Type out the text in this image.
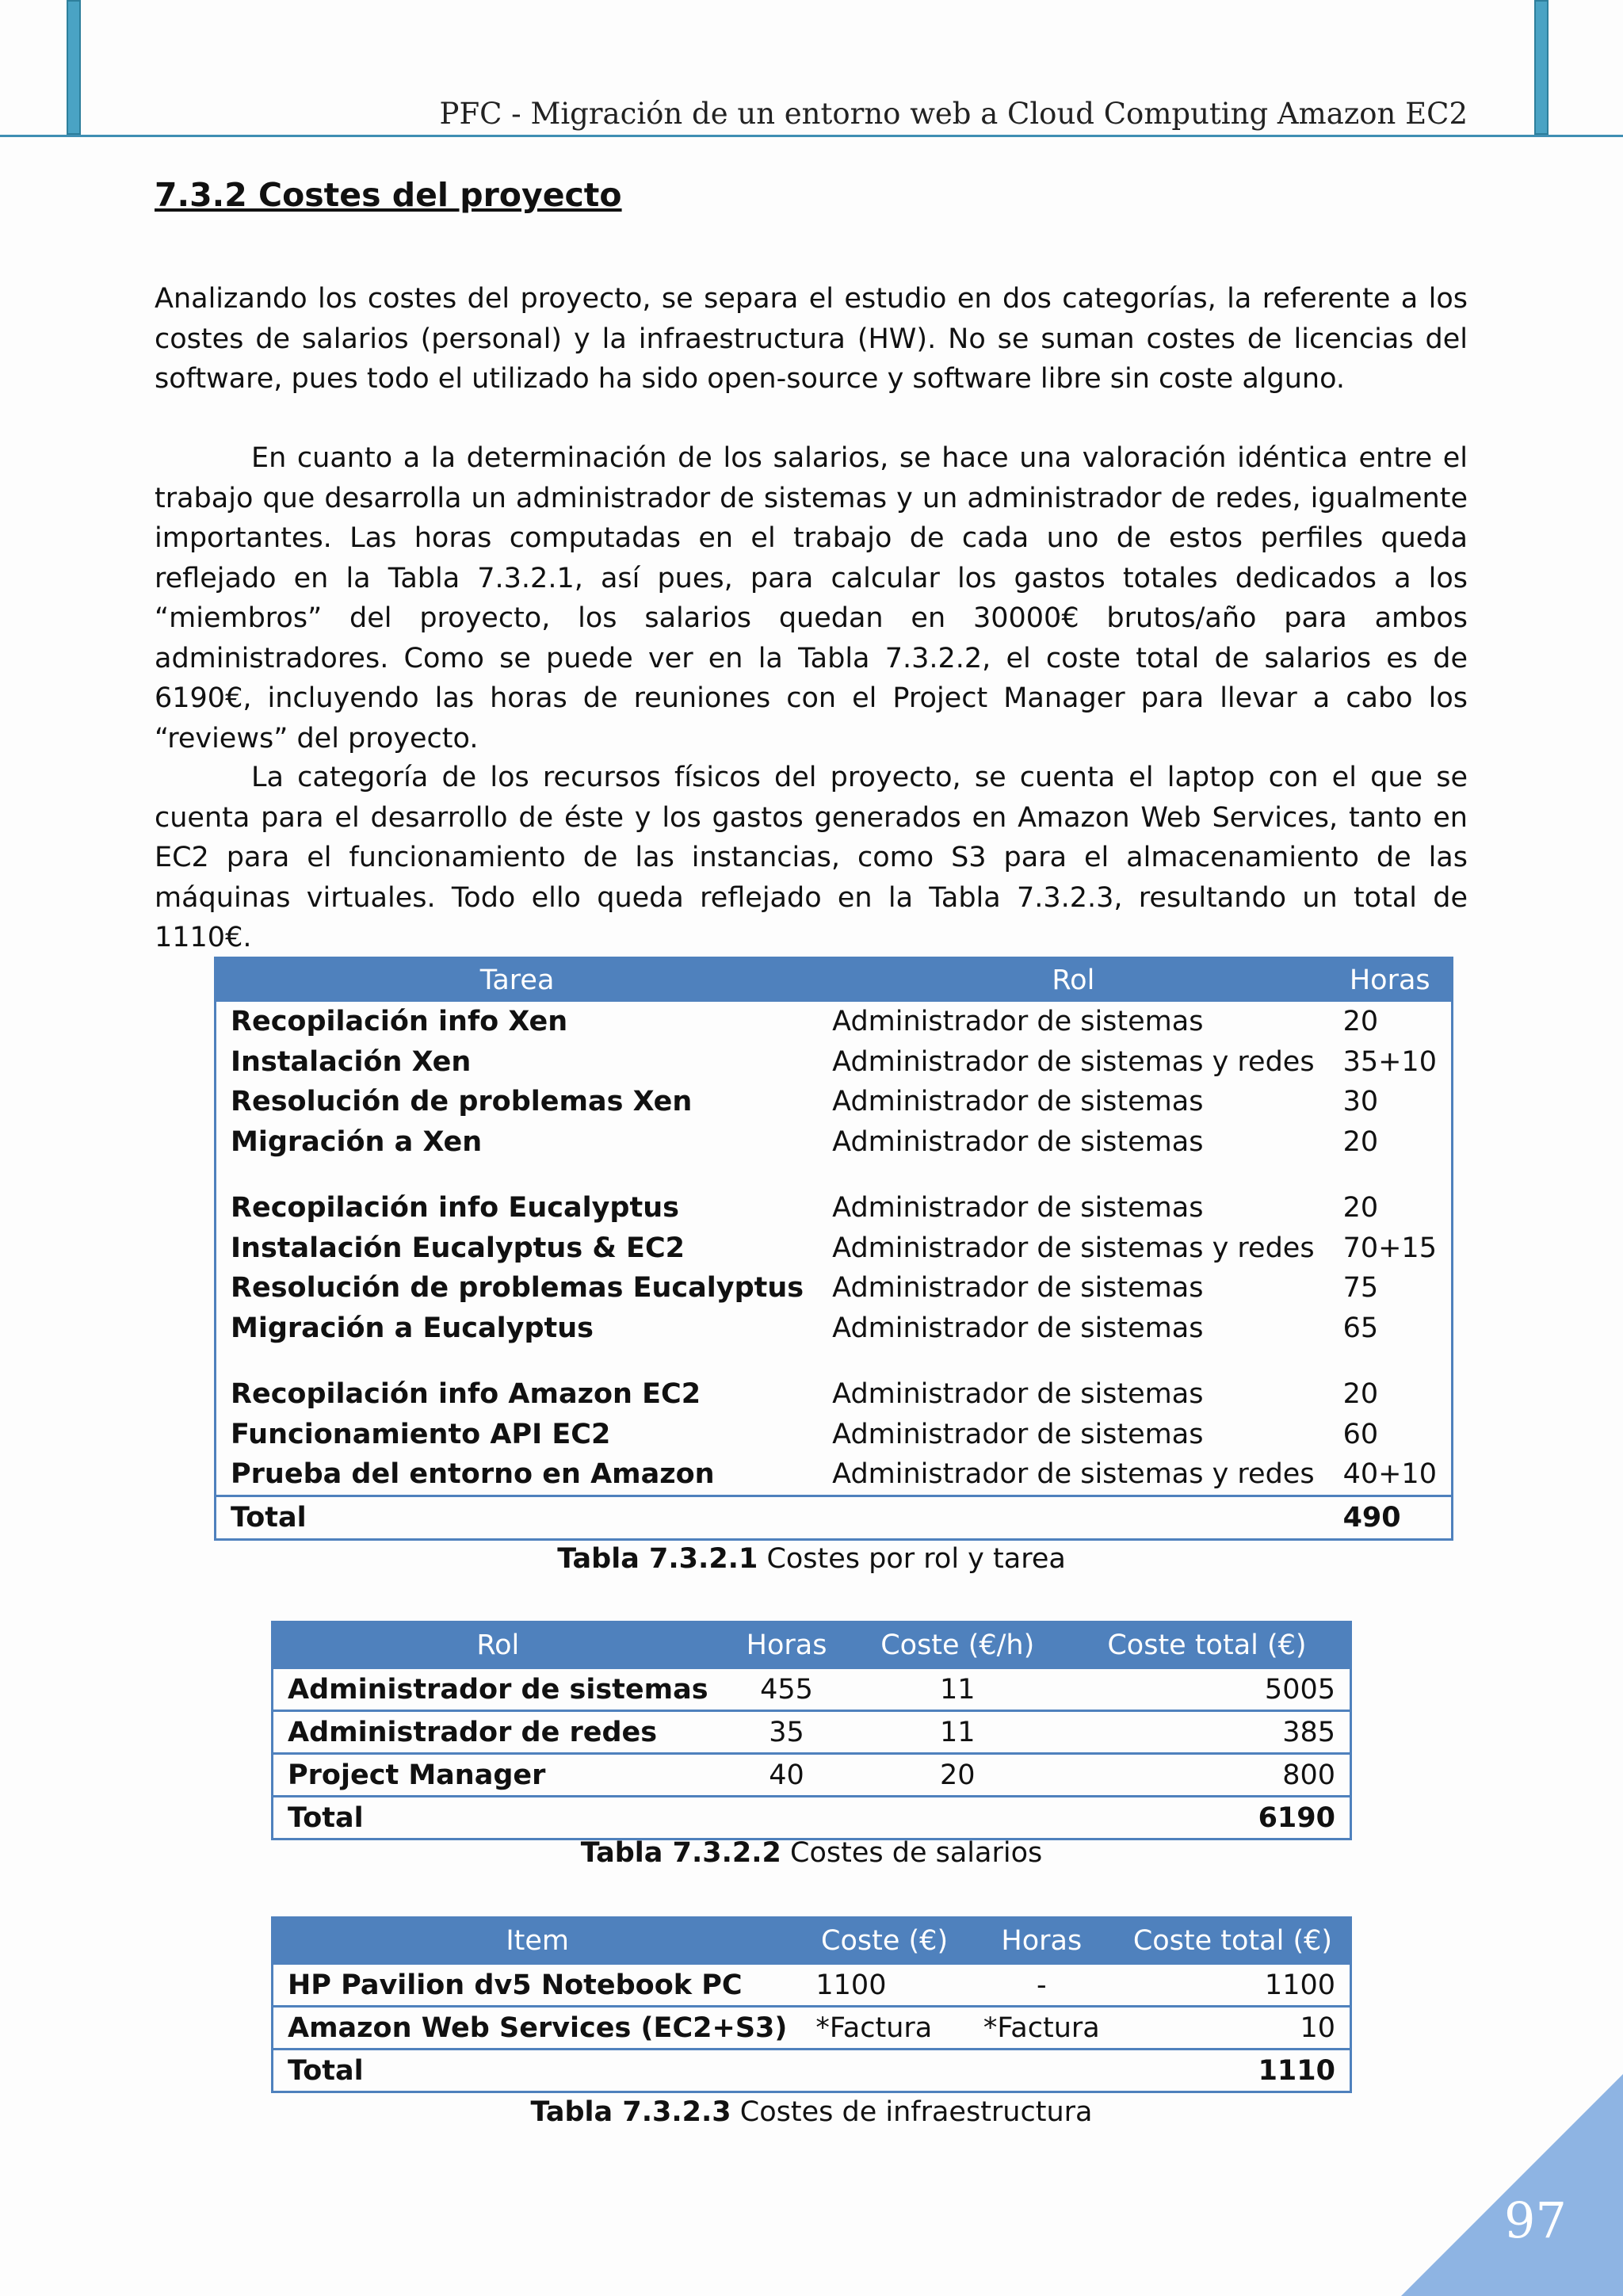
PFC - Migración de un entorno web a Cloud Computing Amazon EC2
7.3.2 Costes del proyecto

Analizando los costes del proyecto, se separa el estudio en dos categorías, la referente a los costes de salarios (personal) y la infraestructura (HW). No se suman costes de licencias del software, pues todo el utilizado ha sido open-source y software libre sin coste alguno.

En cuanto a la determinación de los salarios, se hace una valoración idéntica entre el trabajo que desarrolla un administrador de sistemas y un administrador de redes, igualmente importantes. Las horas computadas en el trabajo de cada uno de estos perfiles queda reflejado en la Tabla 7.3.2.1, así pues, para calcular los gastos totales dedicados a los “miembros” del proyecto, los salarios quedan en 30000€ brutos/año para ambos administradores. Como se puede ver en la Tabla 7.3.2.2, el coste total de salarios es de 6190€, incluyendo las horas de reuniones con el Project Manager para llevar a cabo los “reviews” del proyecto.

La categoría de los recursos físicos del proyecto, se cuenta el laptop con el que se cuenta para el desarrollo de éste y los gastos generados en Amazon Web Services, tanto en EC2 para el funcionamiento de las instancias, como S3 para el almacenamiento de las máquinas virtuales. Todo ello queda reflejado en la Tabla 7.3.2.3, resultando un total de 1110€.

Tarea	Rol	Horas
Recopilación info Xen	Administrador de sistemas	20
Instalación Xen	Administrador de sistemas y redes	35+10
Resolución de problemas Xen	Administrador de sistemas	30
Migración a Xen	Administrador de sistemas	20

Recopilación info Eucalyptus	Administrador de sistemas	20
Instalación Eucalyptus & EC2	Administrador de sistemas y redes	70+15
Resolución de problemas Eucalyptus	Administrador de sistemas	75
Migración a Eucalyptus	Administrador de sistemas	65

Recopilación info Amazon EC2	Administrador de sistemas	20
Funcionamiento API EC2	Administrador de sistemas	60
Prueba del entorno en Amazon	Administrador de sistemas y redes	40+10
Total		490
Tabla 7.3.2.1 Costes por rol y tarea
Rol	Horas	Coste (€/h)	Coste total (€)
Administrador de sistemas	455	11	5005
Administrador de redes	35	11	385
Project Manager	40	20	800
Total			6190
Tabla 7.3.2.2 Costes de salarios
Item	Coste (€)	Horas	Coste total (€)
HP Pavilion dv5 Notebook PC	1100	-	1100
Amazon Web Services (EC2+S3)	*Factura	*Factura	10
Total			1110
Tabla 7.3.2.3 Costes de infraestructura
97
